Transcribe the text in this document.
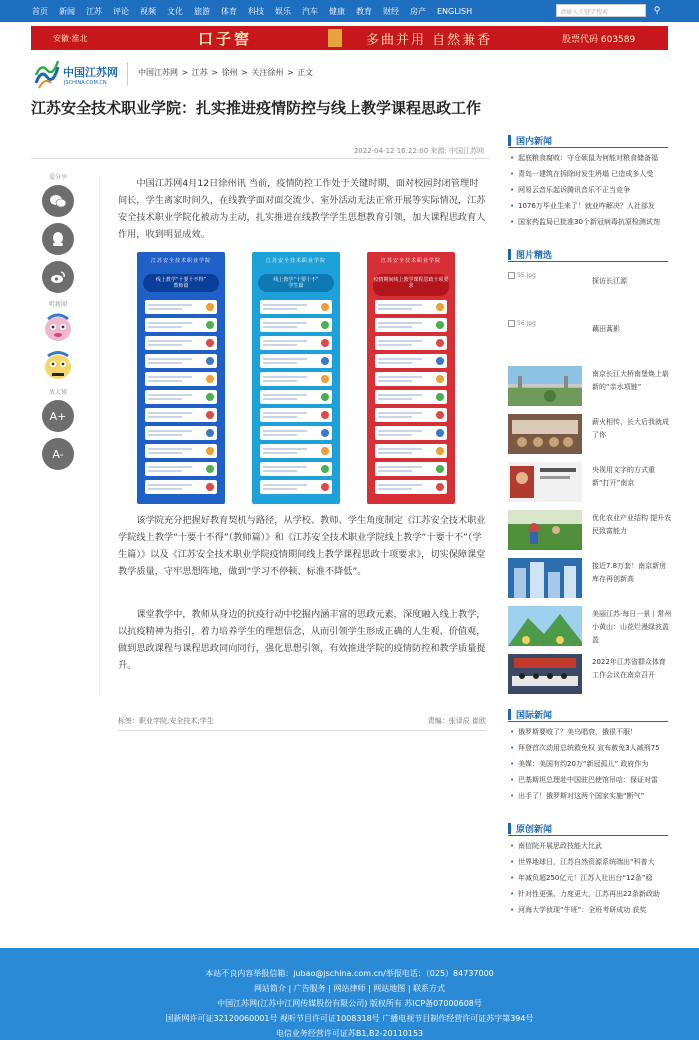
首页 新闻 江苏 评论 视频 文化 旅游 体育 科技 娱乐 汽车 健康 教育 财经 房产 ENGLISH	请输入关键字搜索	⚲
安徽·淮北	口子窖	多曲并用 自然兼香	股票代码 603589
中国江苏网
JSCHINA.COM.CN
中国江苏网 > 江苏 > 徐州 > 关注徐州 > 正文
江苏安全技术职业学院：扎实推进疫情防控与线上教学课程思政工作
2022-04-12 16:22:00 来源: 中国江苏网
爱分享
听新闻
放大镜
A+
A-

中国江苏网4月12日徐州讯 当前，疫情防控工作处于关键时期，面对校园封闭管理时间长，学生离家时间久，在线教学面对面交流少、室外活动无法正常开展等实际情况，江苏安全技术职业学院化被动为主动，扎实推进在线教学学生思想教育引领，加大课程思政育人作用，收到明显成效。

江苏安全技术职业学院
线上教学“十要十不得”
教师篇
江苏安全技术职业学院
线上教学“十要十不”
学生篇
江苏安全技术职业学院
疫情期间线上教学课程思政十项要求

该学院充分把握好教育契机与路径，从学校、教师、学生角度制定《江苏安全技术职业学院线上教学“十要十不得”（教师篇）》和《江苏安全技术职业学院线上教学“十要十不”（学生篇）》以及《江苏安全技术职业学院疫情期间线上教学课程思政十项要求》，切实保障课堂教学质量，守牢思想阵地，做到“学习不停顿、标准不降低”。

课堂教学中，教师从身边的抗疫行动中挖掘内涵丰富的思政元素，深度融入线上教学，以抗疫精神为指引，着力培养学生的理想信念，从而引领学生形成正确的人生观、价值观，做到思政课程与课程思政同向同行，强化思想引领，有效推进学院的疫情防控和教学质量提升。

标签：职业学院;安全技术;学生	责编：张译辰 崔欧
国内新闻
• 起底粮食腐败：守仓硕鼠为何能对粮食储备福
• 青岛一建筑在拆除时发生坍塌 已造成多人受
• 网易云音乐起诉腾讯音乐不正当竞争
• 1076万毕业生来了！就业咋解决？人社部发
• 国家药监局已批准30个新冠病毒抗原检测试剂
图片精选
55.jpg
探访长江源
56.jpg
藕田蒿影
南京长江大桥南堡焕上崭新的“亲水项链”
薪火相传，长大后我就成了你
央视用文字的方式重新“打开”南京
优化农业产业结构 提升农民致富能力
接近7.8万套！南京新房库存再创新高
美丽江苏·每日一景丨常州小黄山：山花烂漫绿波盈盈
2022年江苏省群众体育工作会议在南京召开
国际新闻
• 俄罗斯要败了？美乌唱衰，俄很不服！
• 拜登首次动用总统救免权 宣布赦免3人减刑75
• 美媒：美国有约20万“新冠孤儿” 政府作为
• 巴基斯坦总理赴中国驻巴使馆吊唁：保证对雷
• 出手了！俄罗斯对这两个国家实施“断气”
原创新闻
• 南信院开展思政技能大比武
• 世界地球日，江苏自然资源系统端出“科普大
• 年减负超250亿元！江苏人社出台“12条”稳
• 针对性更强、力度更大，江苏再出22条新政助
• 河海大学侦现“牛班”：全班考研成功 获奖
本站不良内容举报信箱：jubao@jschina.com.cn/举报电话：（025）84737000
网站简介 | 广告服务 | 网站律师 | 网站地图 | 联系方式
中国江苏网(江苏中江网传媒股份有限公司) 版权所有 苏ICP备07000608号
国新网许可证32120060001号 视听节目许可证1008318号 广播电视节目制作经营许可证苏字第394号
电信业务经营许可证苏B1,B2-20110153
